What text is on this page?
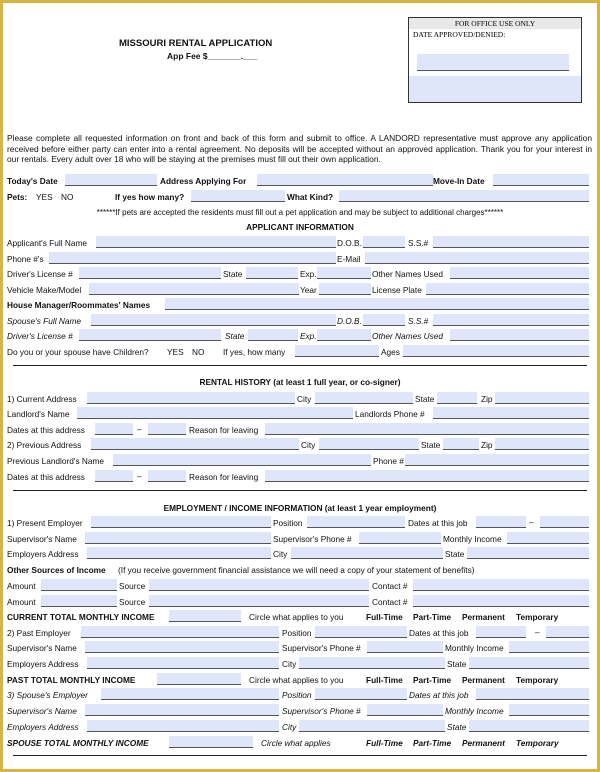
MISSOURI RENTAL APPLICATION
App Fee $_______.___
FOR OFFICE USE ONLY
DATE APPROVED/DENIED:
Please complete all requested information on front and back of this form and submit to office. A LANDORD representative must approve any application received before either party can enter into a rental agreement. No deposits will be accepted without an approved application. Thank you for your interest in our rentals. Every adult over 18 who will be staying at the premises must fill out their own application.
Today's Date	Address Applying For	Move-In Date
Pets: YES NO	If yes how many?	What Kind?
******If pets are accepted the residents must fill out a pet application and may be subject to additional charges******
APPLICANT INFORMATION
Applicant's Full Name	D.O.B.	S.S.#
Phone #'s	E-Mail
Driver's License #	State	Exp.	Other Names Used
Vehicle Make/Model	Year	License Plate
House Manager/Roommates' Names
Spouse's Full Name	D.O.B.	S.S.#
Driver's License #	State	Exp.	Other Names Used
Do you or your spouse have Children? YES NO If yes, how many	Ages
RENTAL HISTORY (at least 1 full year, or co-signer)
1) Current Address	City	State	Zip
Landlord's Name	Landlords Phone #
Dates at this address	–	Reason for leaving
2) Previous Address	City	State	Zip
Previous Landlord's Name	Phone #
Dates at this address	–	Reason for leaving
EMPLOYMENT / INCOME INFORMATION (at least 1 year employment)
1) Present Employer	Position	Dates at this job	–
Supervisor's Name	Supervisor's Phone #	Monthly Income
Employers Address	City	State
Other Sources of Income (If you receive government financial assistance we will need a copy of your statement of benefits)
Amount	Source	Contact #
Amount	Source	Contact #
CURRENT TOTAL MONTHLY INCOME	Circle what applies to you	Full-Time Part-Time Permanent Temporary
2) Past Employer	Position	Dates at this job	–
Supervisor's Name	Supervisor's Phone #	Monthly Income
Employers Address	City	State
PAST TOTAL MONTHLY INCOME	Circle what applies to you	Full-Time Part-Time Permanent Temporary
3) Spouse's Employer	Position	Dates at this job
Supervisor's Name	Supervisor's Phone #	Monthly Income
Employers Address	City	State
SPOUSE TOTAL MONTHLY INCOME	Circle what applies	Full-Time Part-Time Permanent Temporary
